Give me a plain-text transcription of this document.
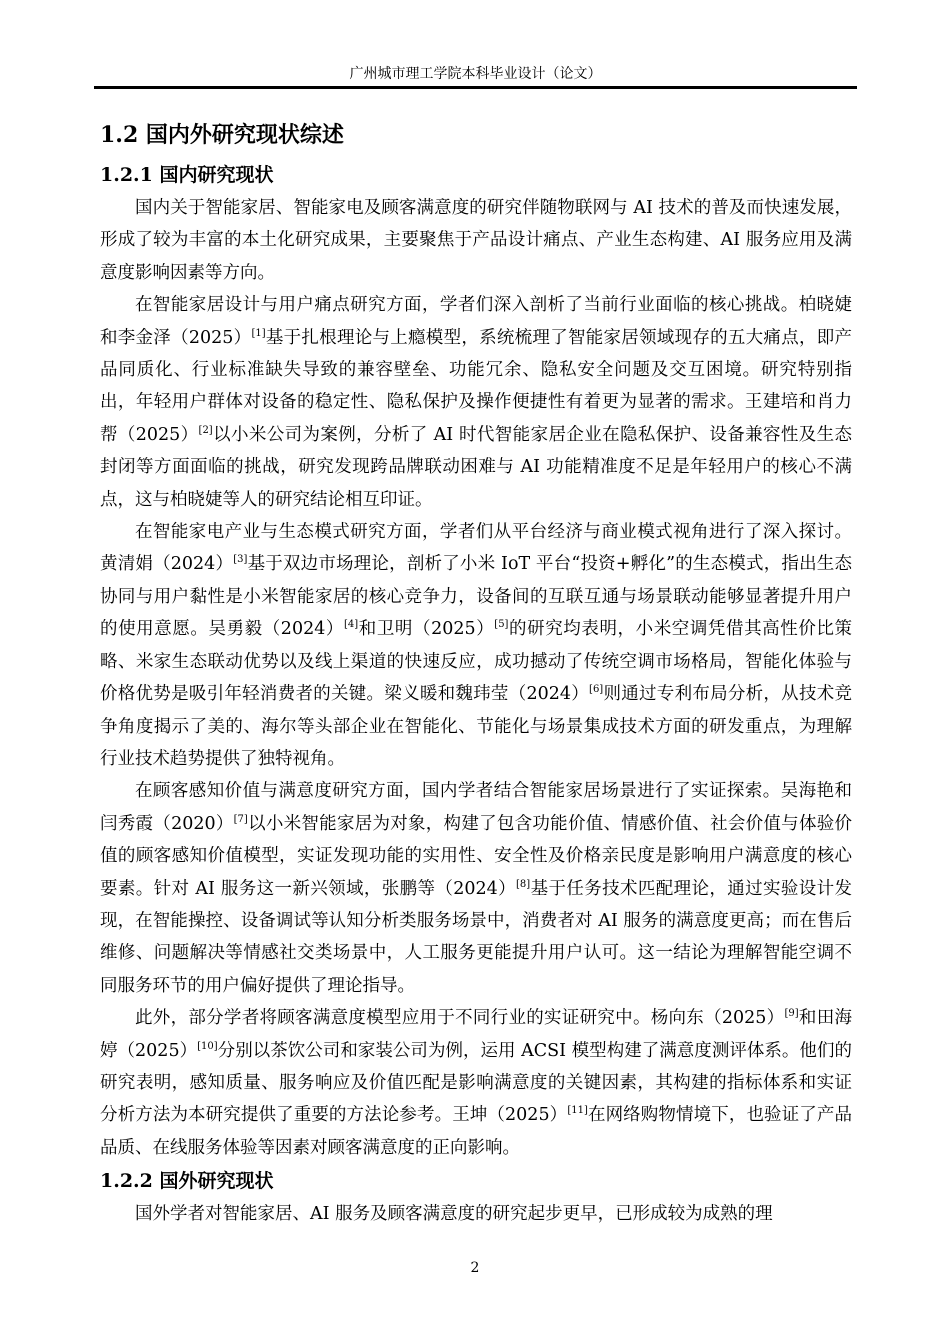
广州城市理工学院本科毕业设计（论文）
1.2 国内外研究现状综述
1.2.1 国内研究现状

国内关于智能家居、智能家电及顾客满意度的研究伴随物联网与 AI 技术的普及而快速发展，形成了较为丰富的本土化研究成果，主要聚焦于产品设计痛点、产业生态构建、AI 服务应用及满意度影响因素等方向。

在智能家居设计与用户痛点研究方面，学者们深入剖析了当前行业面临的核心挑战。柏晓婕和李金泽（2025）[1]基于扎根理论与上瘾模型，系统梳理了智能家居领域现存的五大痛点，即产品同质化、行业标准缺失导致的兼容壁垒、功能冗余、隐私安全问题及交互困境。研究特别指出，年轻用户群体对设备的稳定性、隐私保护及操作便捷性有着更为显著的需求。王建培和肖力帮（2025）[2]以小米公司为案例，分析了 AI 时代智能家居企业在隐私保护、设备兼容性及生态封闭等方面面临的挑战，研究发现跨品牌联动困难与 AI 功能精准度不足是年轻用户的核心不满点，这与柏晓婕等人的研究结论相互印证。

在智能家电产业与生态模式研究方面，学者们从平台经济与商业模式视角进行了深入探讨。黄清娟（2024）[3]基于双边市场理论，剖析了小米 IoT 平台“投资+孵化”的生态模式，指出生态协同与用户黏性是小米智能家居的核心竞争力，设备间的互联互通与场景联动能够显著提升用户的使用意愿。吴勇毅（2024）[4]和卫明（2025）[5]的研究均表明，小米空调凭借其高性价比策略、米家生态联动优势以及线上渠道的快速反应，成功撼动了传统空调市场格局，智能化体验与价格优势是吸引年轻消费者的关键。梁义暖和魏玮莹（2024）[6]则通过专利布局分析，从技术竞争角度揭示了美的、海尔等头部企业在智能化、节能化与场景集成技术方面的研发重点，为理解行业技术趋势提供了独特视角。

在顾客感知价值与满意度研究方面，国内学者结合智能家居场景进行了实证探索。吴海艳和闫秀霞（2020）[7]以小米智能家居为对象，构建了包含功能价值、情感价值、社会价值与体验价值的顾客感知价值模型，实证发现功能的实用性、安全性及价格亲民度是影响用户满意度的核心要素。针对 AI 服务这一新兴领域，张鹏等（2024）[8]基于任务技术匹配理论，通过实验设计发现，在智能操控、设备调试等认知分析类服务场景中，消费者对 AI 服务的满意度更高；而在售后维修、问题解决等情感社交类场景中，人工服务更能提升用户认可。这一结论为理解智能空调不同服务环节的用户偏好提供了理论指导。

此外，部分学者将顾客满意度模型应用于不同行业的实证研究中。杨向东（2025）[9]和田海婷（2025）[10]分别以茶饮公司和家装公司为例，运用 ACSI 模型构建了满意度测评体系。他们的研究表明，感知质量、服务响应及价值匹配是影响满意度的关键因素，其构建的指标体系和实证分析方法为本研究提供了重要的方法论参考。王坤（2025）[11]在网络购物情境下，也验证了产品品质、在线服务体验等因素对顾客满意度的正向影响。

1.2.2 国外研究现状

国外学者对智能家居、AI 服务及顾客满意度的研究起步更早，已形成较为成熟的理

2
